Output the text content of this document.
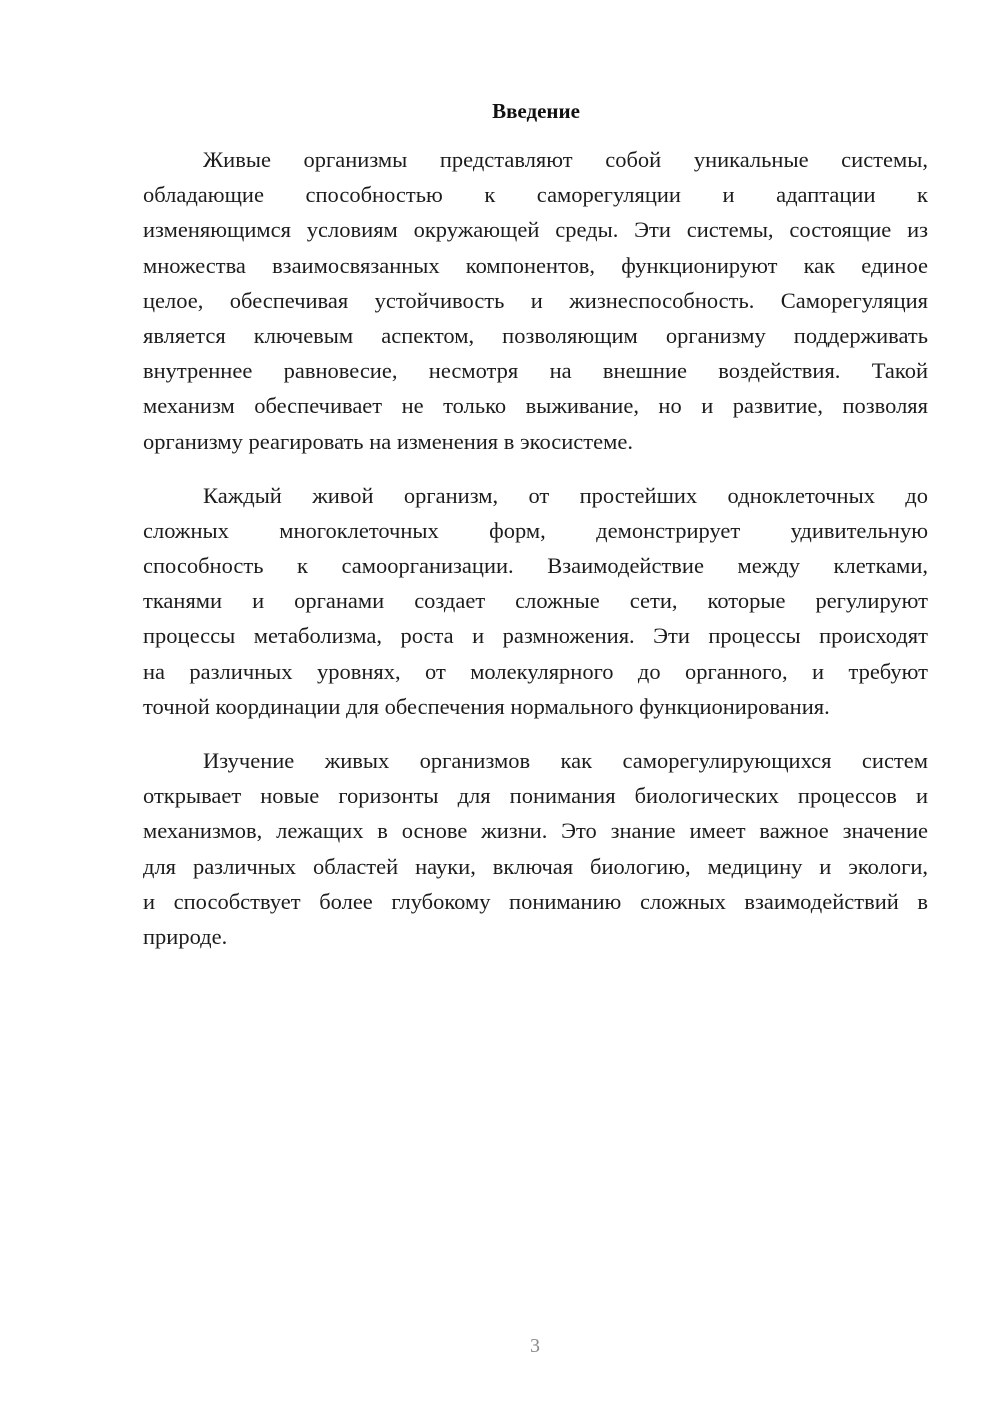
Введение
Живые организмы представляют собой уникальные системы,
обладающие способностью к саморегуляции и адаптации к
изменяющимся условиям окружающей среды. Эти системы, состоящие из
множества взаимосвязанных компонентов, функционируют как единое
целое, обеспечивая устойчивость и жизнеспособность. Саморегуляция
является ключевым аспектом, позволяющим организму поддерживать
внутреннее равновесие, несмотря на внешние воздействия. Такой
механизм обеспечивает не только выживание, но и развитие, позволяя
организму реагировать на изменения в экосистеме.
Каждый живой организм, от простейших одноклеточных до
сложных многоклеточных форм, демонстрирует удивительную
способность к самоорганизации. Взаимодействие между клетками,
тканями и органами создает сложные сети, которые регулируют
процессы метаболизма, роста и размножения. Эти процессы происходят
на различных уровнях, от молекулярного до органного, и требуют
точной координации для обеспечения нормального функционирования.
Изучение живых организмов как саморегулирующихся систем
открывает новые горизонты для понимания биологических процессов и
механизмов, лежащих в основе жизни. Это знание имеет важное значение
для различных областей науки, включая биологию, медицину и экологи,
и способствует более глубокому пониманию сложных взаимодействий в
природе.
3
